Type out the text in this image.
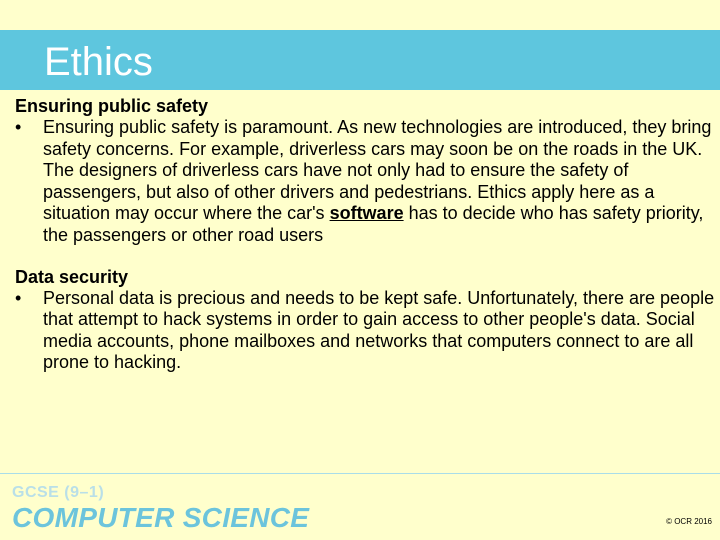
Ethics
Ensuring public safety
• Ensuring public safety is paramount. As new technologies are introduced, they bring safety concerns. For example, driverless cars may soon be on the roads in the UK. The designers of driverless cars have not only had to ensure the safety of passengers, but also of other drivers and pedestrians. Ethics apply here as a situation may occur where the car's software has to decide who has safety priority, the passengers or other road users
Data security
• Personal data is precious and needs to be kept safe. Unfortunately, there are people that attempt to hack systems in order to gain access to other people's data. Social media accounts, phone mailboxes and networks that computers connect to are all prone to hacking.
GCSE (9–1)
COMPUTER SCIENCE	© OCR 2016
